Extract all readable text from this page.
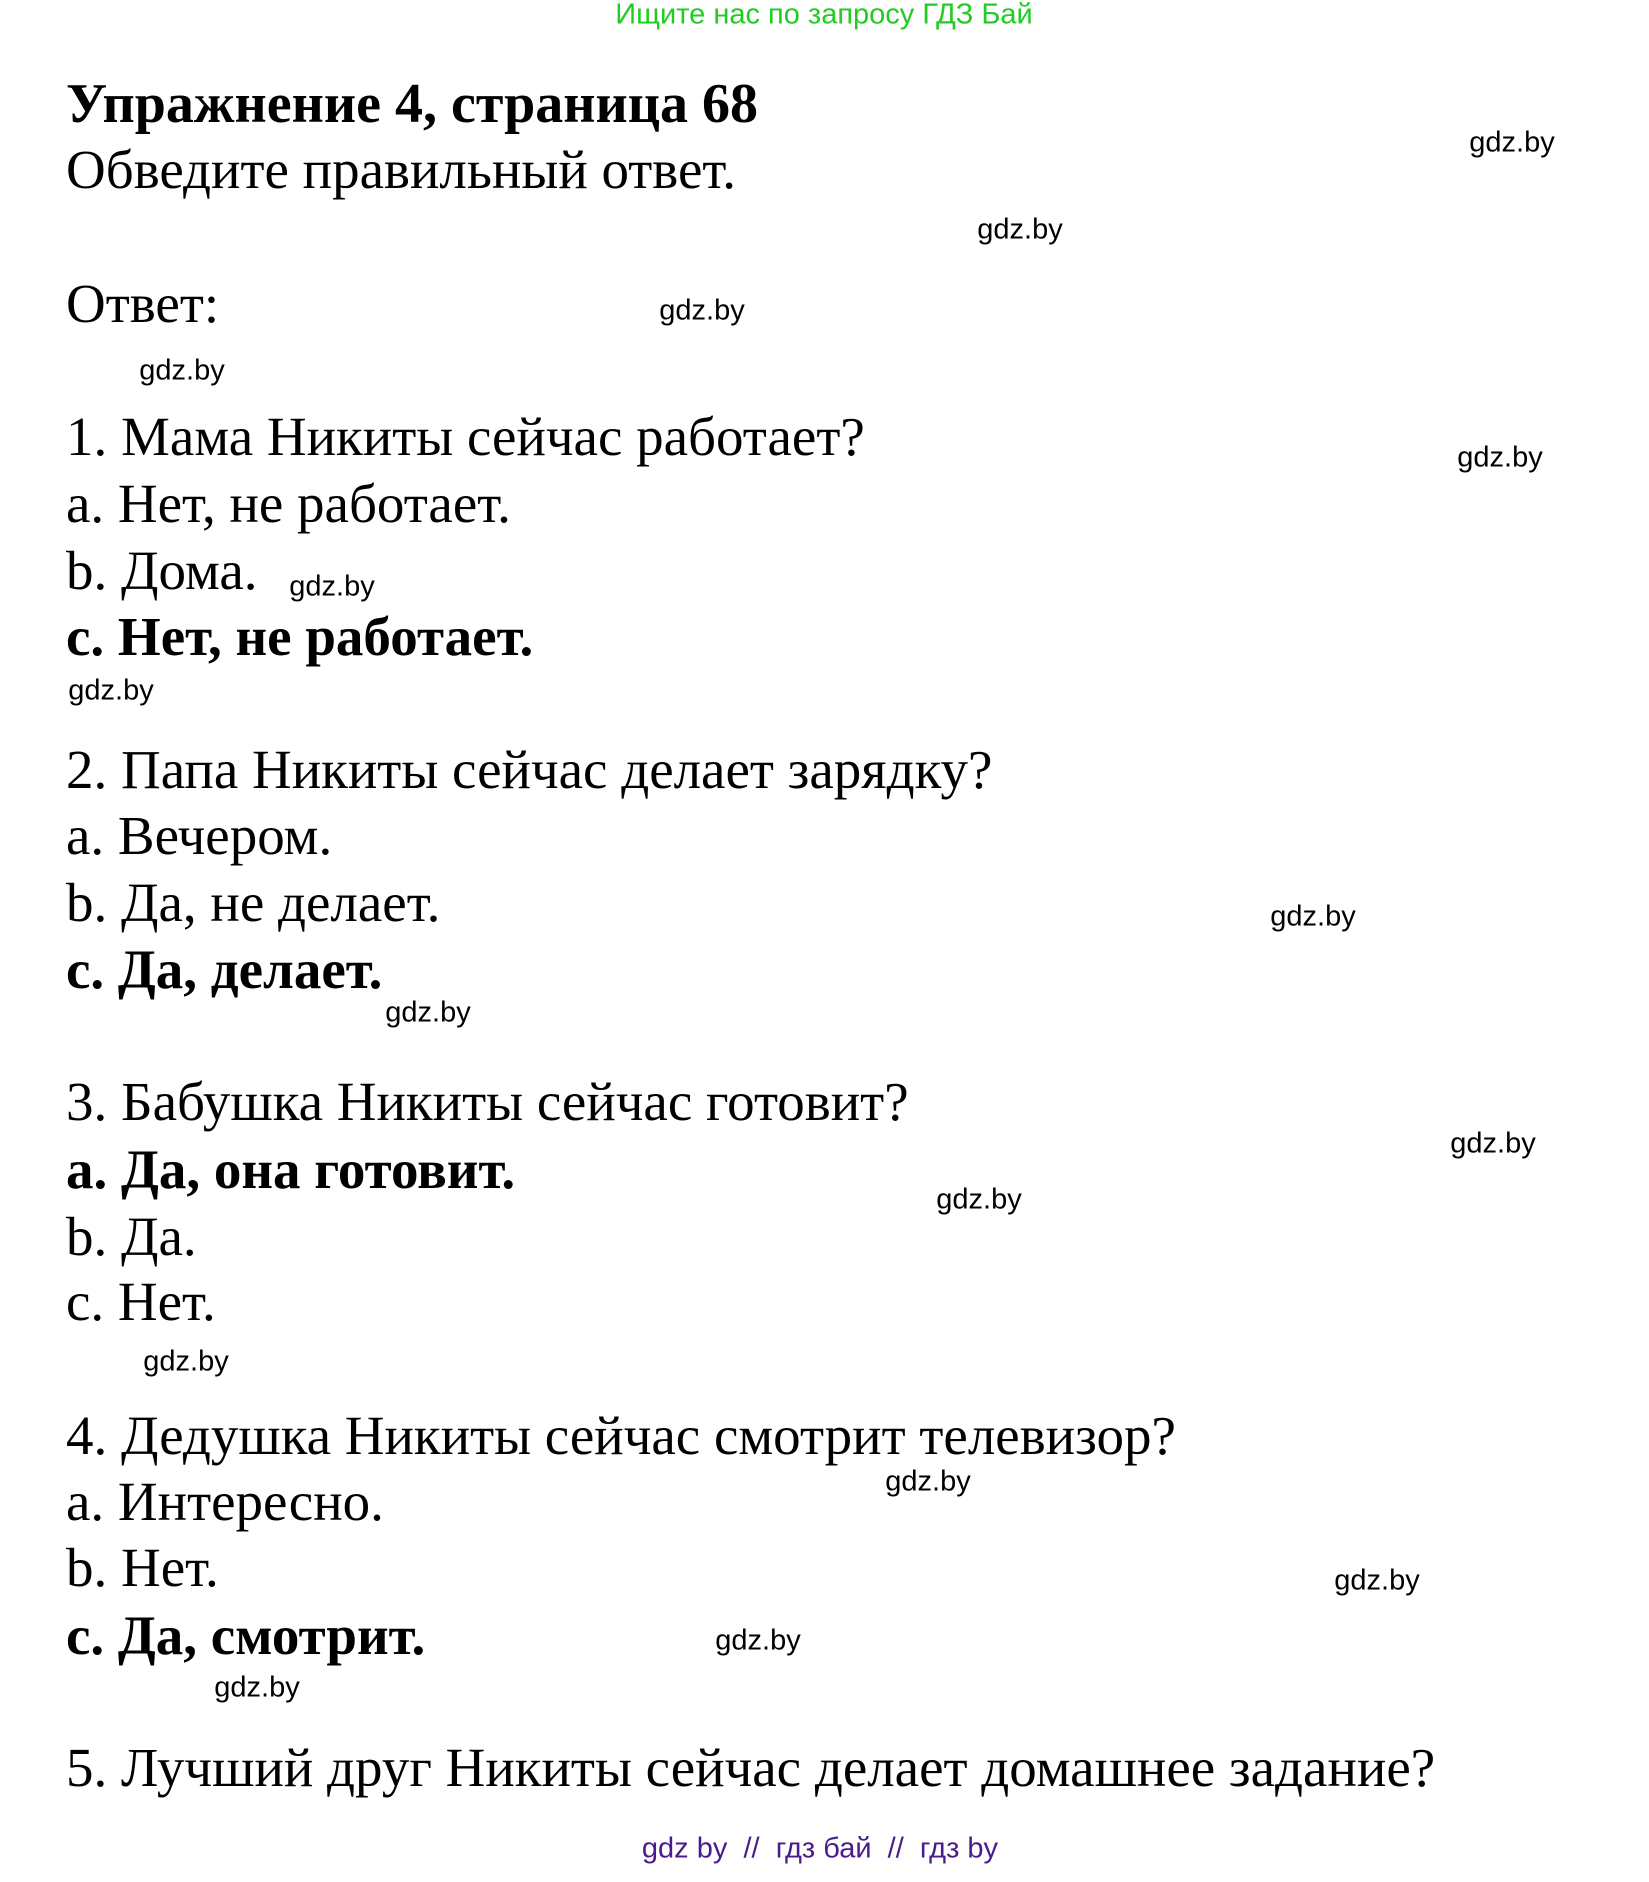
Ищите нас по запросу ГДЗ Бай
Упражнение 4, страница 68
Обведите правильный ответ.
Ответ:
1. Мама Никиты сейчас работает?
a. Нет, не работает.
b. Дома.
c. Нет, не работает.
2. Папа Никиты сейчас делает зарядку?
a. Вечером.
b. Да, не делает.
c. Да, делает.
3. Бабушка Никиты сейчас готовит?
a. Да, она готовит.
b. Да.
c. Нет.
4. Дедушка Никиты сейчас смотрит телевизор?
a. Интересно.
b. Нет.
c. Да, смотрит.
5. Лучший друг Никиты сейчас делает домашнее задание?
gdz.by
gdz.by
gdz.by
gdz.by
gdz.by
gdz.by
gdz.by
gdz.by
gdz.by
gdz.by
gdz.by
gdz.by
gdz.by
gdz.by
gdz.by
gdz.by
gdz by  //  гдз бай  //  гдз by
